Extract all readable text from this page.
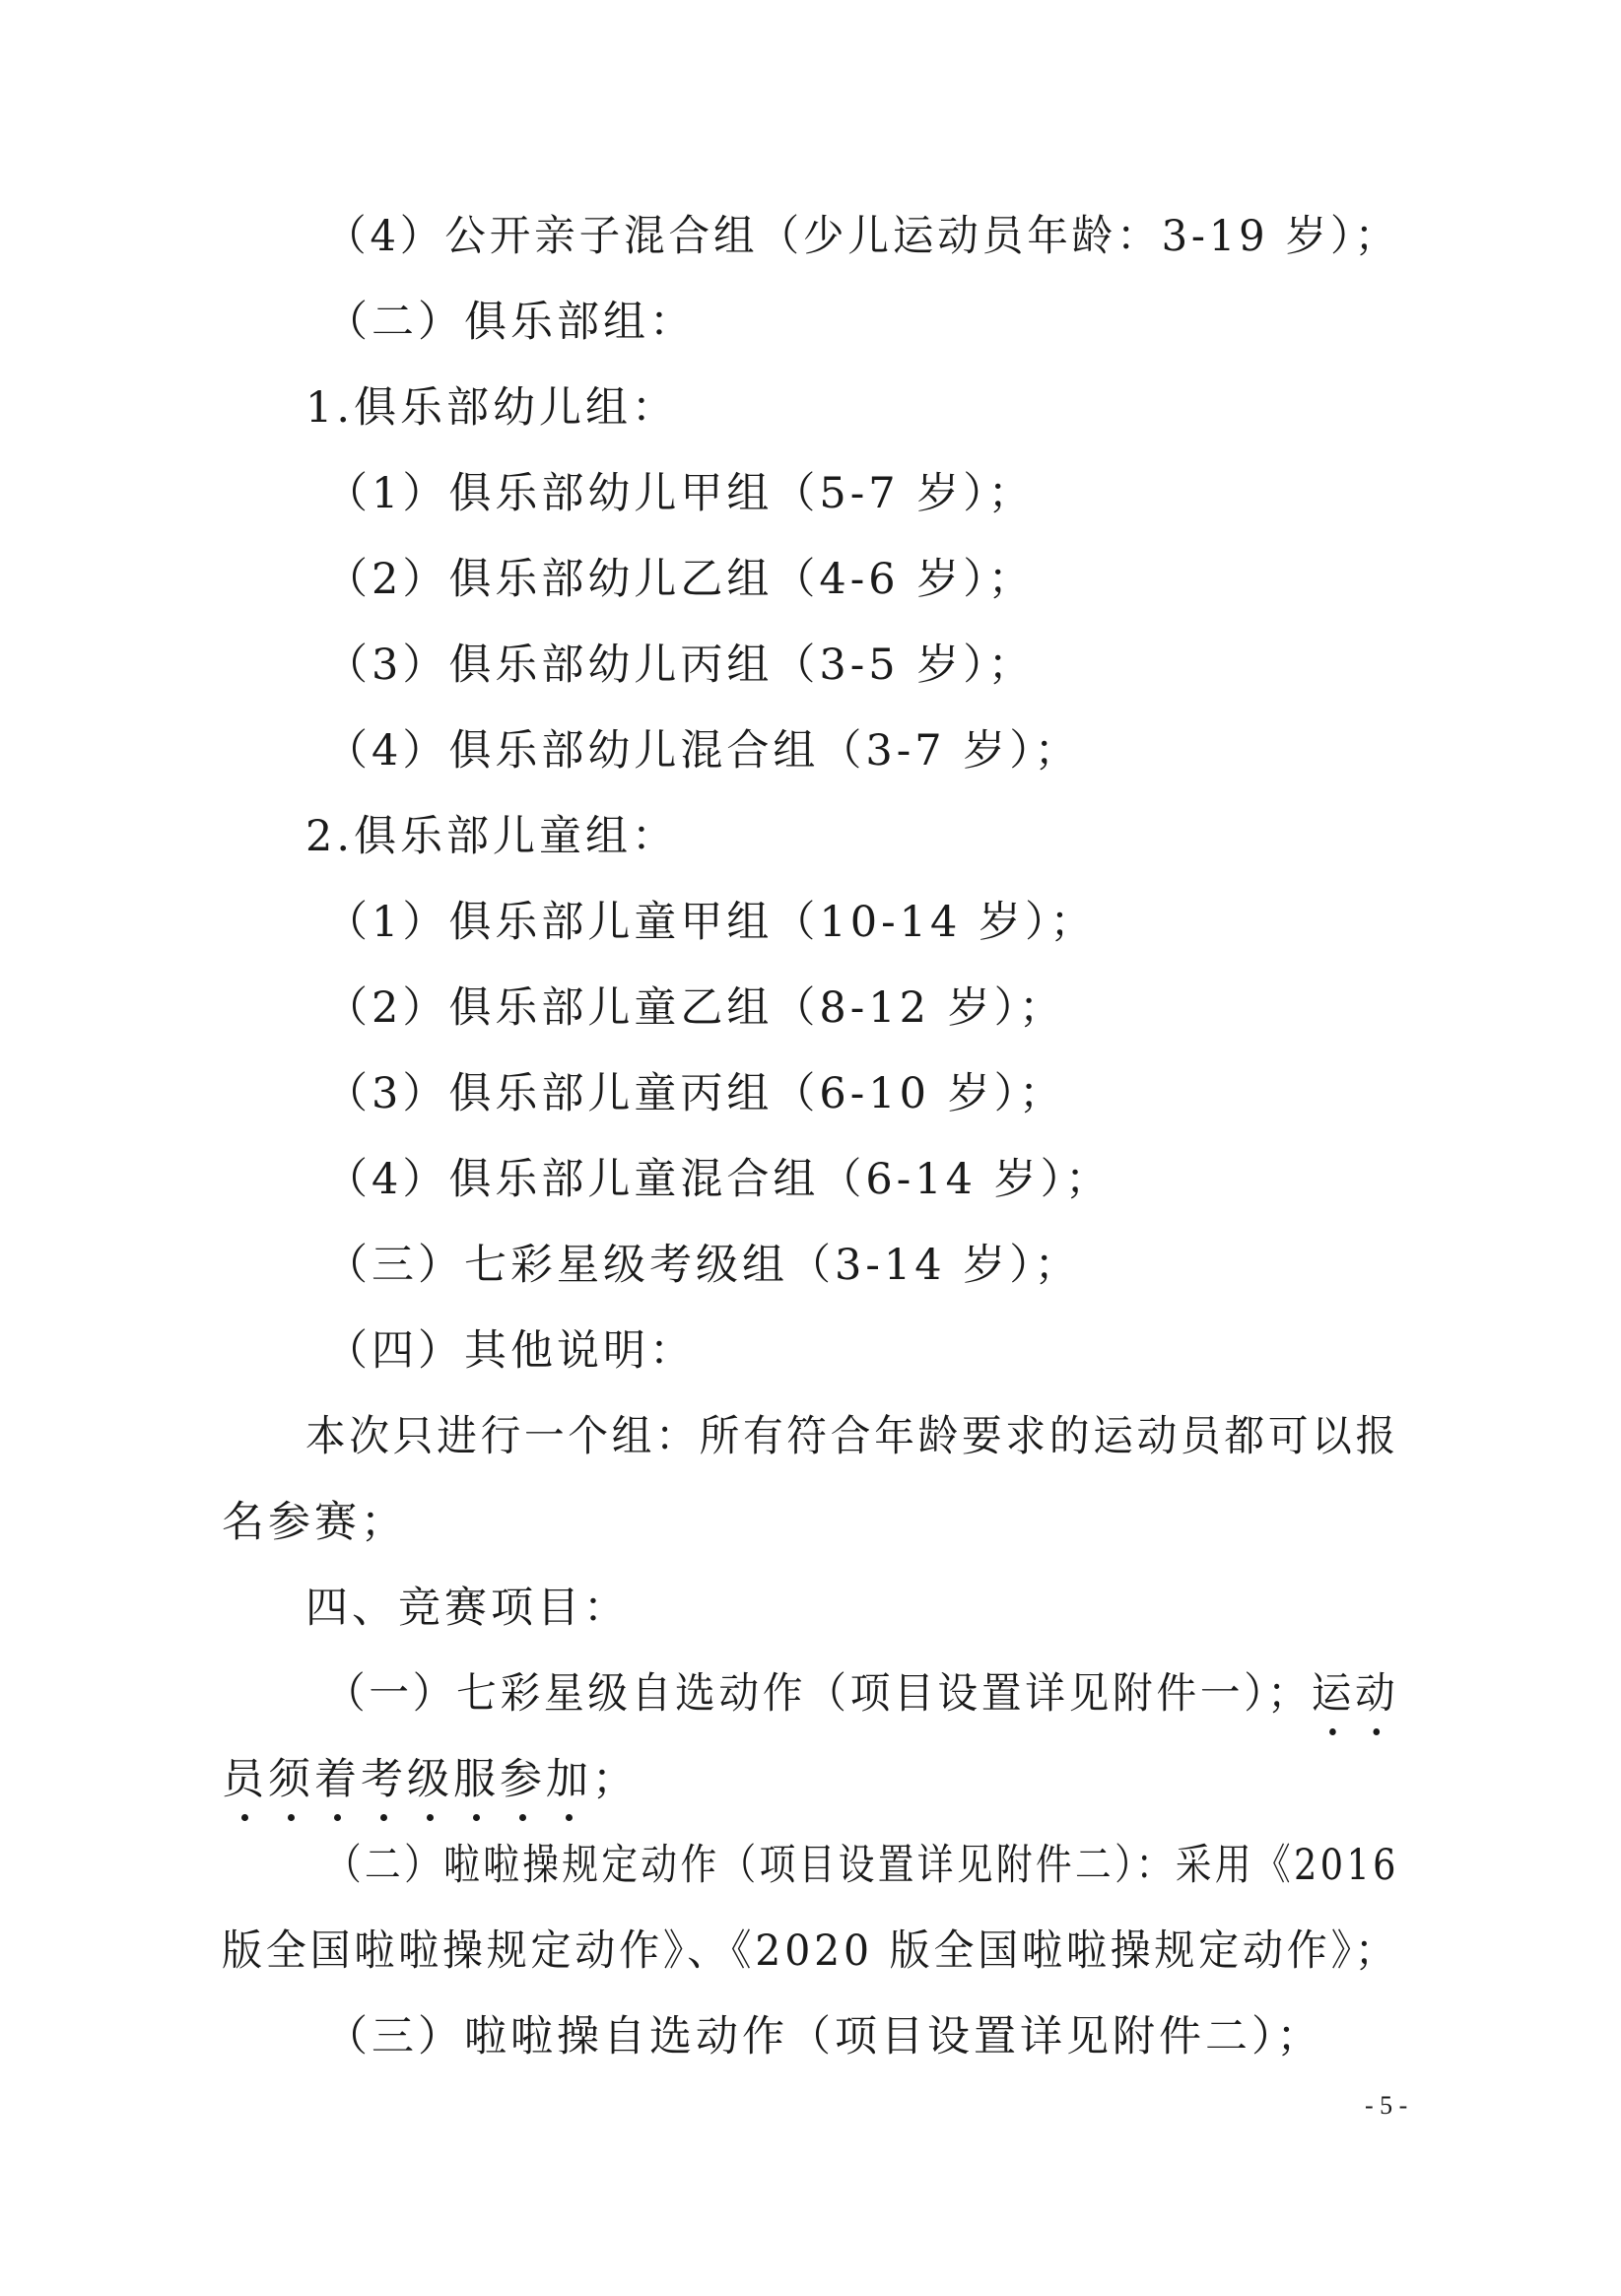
（4）公开亲子混合组（少儿运动员年龄：3-19 岁）；
（二）俱乐部组：
1.俱乐部幼儿组：
（1）俱乐部幼儿甲组（5-7 岁）；
（2）俱乐部幼儿乙组（4-6 岁）；
（3）俱乐部幼儿丙组（3-5 岁）；
（4）俱乐部幼儿混合组（3-7 岁）；
2.俱乐部儿童组：
（1）俱乐部儿童甲组（10-14 岁）；
（2）俱乐部儿童乙组（8-12 岁）；
（3）俱乐部儿童丙组（6-10 岁）；
（4）俱乐部儿童混合组（6-14 岁）；
（三）七彩星级考级组（3-14 岁）；
（四）其他说明：
本次只进行一个组：所有符合年龄要求的运动员都可以报
名参赛；
四、竞赛项目：
（一）七彩星级自选动作（项目设置详见附件一）；运动
员须着考级服参加；
（二）啦啦操规定动作（项目设置详见附件二）：采用《2016
版全国啦啦操规定动作》、《2020 版全国啦啦操规定动作》；
（三）啦啦操自选动作（项目设置详见附件二）；
- 5 -
